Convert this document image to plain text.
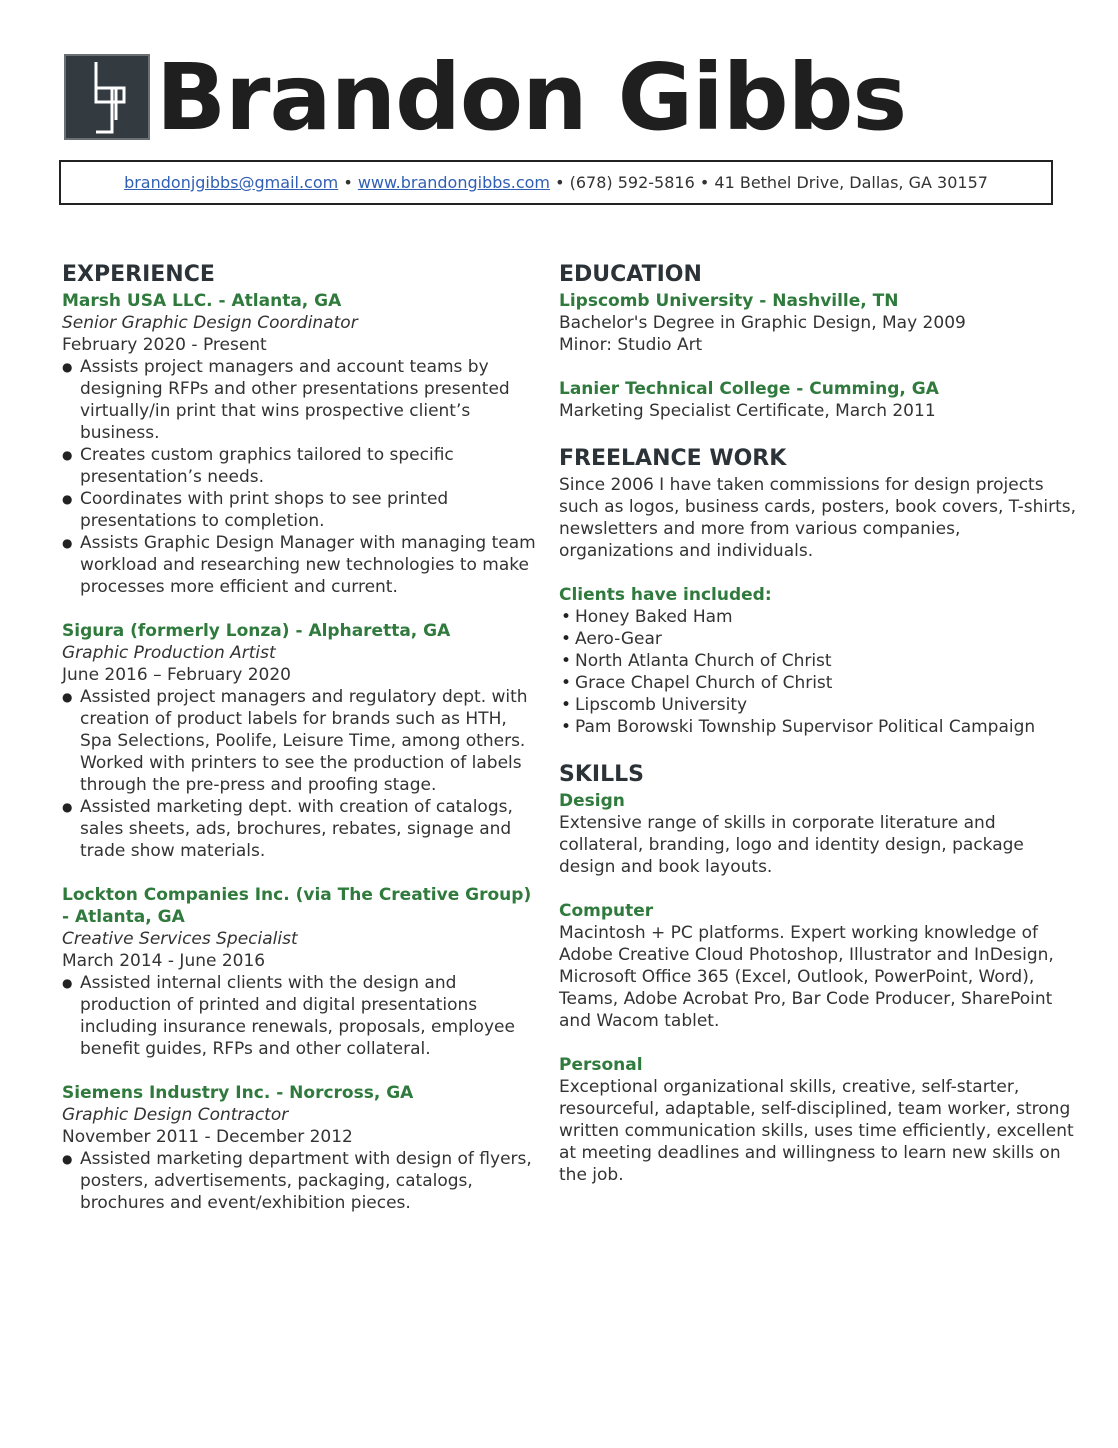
Brandon Gibbs
brandonjgibbs@gmail.com
•
www.brandongibbs.com
•
(678) 592-5816
•
41 Bethel Drive, Dallas, GA 30157
EXPERIENCE
Marsh USA LLC. - Atlanta, GA
Senior Graphic Design Coordinator
February 2020 - Present
● Assists project managers and account teams by designing RFPs and other presentations presented virtually/in print that wins prospective client’s business.
● Creates custom graphics tailored to specific presentation’s needs.
● Coordinates with print shops to see printed presentations to completion.
● Assists Graphic Design Manager with managing team workload and researching new technologies to make processes more efficient and current.
Sigura (formerly Lonza) - Alpharetta, GA
Graphic Production Artist
June 2016 – February 2020
● Assisted project managers and regulatory dept. with creation of product labels for brands such as HTH, Spa Selections, Poolife, Leisure Time, among others. Worked with printers to see the production of labels through the pre-press and proofing stage.
● Assisted marketing dept. with creation of catalogs, sales sheets, ads, brochures, rebates, signage and trade show materials.
Lockton Companies Inc. (via The Creative Group) - Atlanta, GA
Creative Services Specialist
March 2014 - June 2016
● Assisted internal clients with the design and production of printed and digital presentations including insurance renewals, proposals, employee benefit guides, RFPs and other collateral.
Siemens Industry Inc. - Norcross, GA
Graphic Design Contractor
November 2011 - December 2012
● Assisted marketing department with design of flyers, posters, advertisements, packaging, catalogs, brochures and event/exhibition pieces.
EDUCATION
Lipscomb University - Nashville, TN
Bachelor's Degree in Graphic Design, May 2009
Minor: Studio Art
Lanier Technical College - Cumming, GA
Marketing Specialist Certificate, March 2011
FREELANCE WORK
Since 2006 I have taken commissions for design projects such as logos, business cards, posters, book covers, T-shirts, newsletters and more from various companies, organizations and individuals.
Clients have included:
• Honey Baked Ham
• Aero-Gear
• North Atlanta Church of Christ
• Grace Chapel Church of Christ
• Lipscomb University
• Pam Borowski Township Supervisor Political Campaign
SKILLS
Design
Extensive range of skills in corporate literature and collateral, branding, logo and identity design, package design and book layouts.
Computer
Macintosh + PC platforms. Expert working knowledge of Adobe Creative Cloud Photoshop, Illustrator and InDesign, Microsoft Office 365 (Excel, Outlook, PowerPoint, Word), Teams, Adobe Acrobat Pro, Bar Code Producer, SharePoint and Wacom tablet.
Personal
Exceptional organizational skills, creative, self-starter, resourceful, adaptable, self-disciplined, team worker, strong written communication skills, uses time efficiently, excellent at meeting deadlines and willingness to learn new skills on the job.
